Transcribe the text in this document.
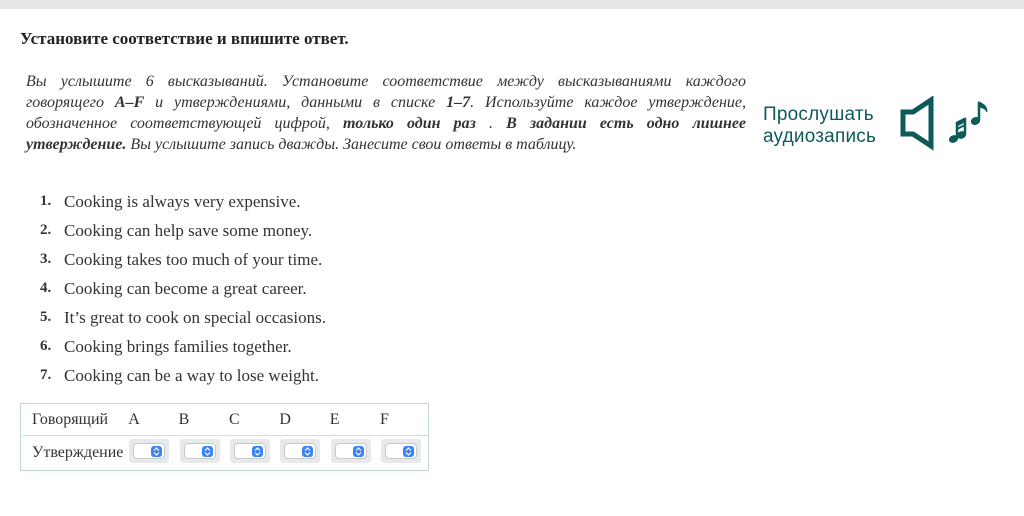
Установите соответствие и впишите ответ.

Вы услышите 6 высказываний. Установите соответствие между высказываниями каждого говорящего A–F и утверждениями, данными в списке 1–7. Используйте каждое утверждение, обозначенное соответствующей цифрой, только один раз . В задании есть одно лишнее утверждение. Вы услышите запись дважды. Занесите свои ответы в таблицу.

Прослушать аудиозапись
1. Cooking is always very expensive.
2. Cooking can help save some money.
3. Cooking takes too much of your time.
4. Cooking can become a great career.
5. It’s great to cook on special occasions.
6. Cooking brings families together.
7. Cooking can be a way to lose weight.
Говорящий	A	B	C	D	E	F
Утверждение	
